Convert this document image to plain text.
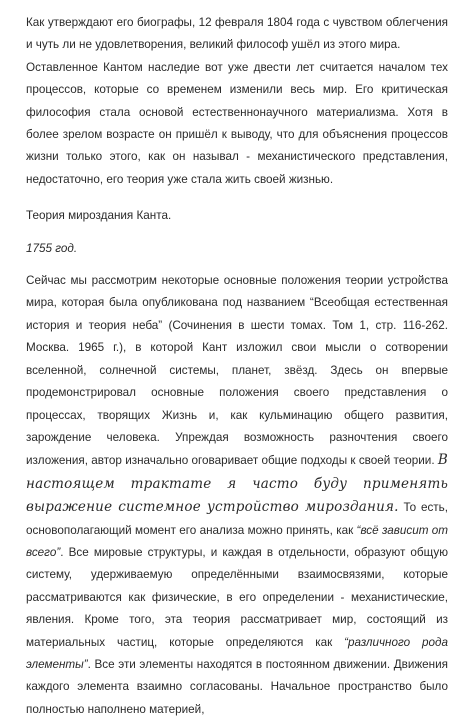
Как утверждают его биографы, 12 февраля 1804 года с чувством облегчения и чуть ли не удовлетворения, великий философ ушёл из этого мира.

Оставленное Кантом наследие вот уже двести лет считается началом тех процессов, которые со временем изменили весь мир. Его критическая философия стала основой естественнонаучного материализма. Хотя в более зрелом возрасте он пришёл к выводу, что для объяснения процессов жизни только этого, как он называл - механистического представления, недостаточно, его теория уже стала жить своей жизнью.

Теория мироздания Канта.

1755 год.

Сейчас мы рассмотрим некоторые основные положения теории устройства мира, которая была опубликована под названием “Всеобщая естественная история и теория неба” (Сочинения в шести томах. Том 1, стр. 116-262. Москва. 1965 г.), в которой Кант изложил свои мысли о сотворении вселенной, солнечной системы, планет, звёзд. Здесь он впервые продемонстрировал основные положения своего представления о процессах, творящих Жизнь и, как кульминацию общего развития, зарождение человека. Упреждая возможность разночтения своего изложения, автор изначально оговаривает общие подходы к своей теории. В настоящем трактате я часто буду применять выражение системное устройство мироздания. То есть, основополагающий момент его анализа можно принять, как “всё зависит от всего”. Все мировые структуры, и каждая в отдельности, образуют общую систему, удерживаемую определёнными взаимосвязями, которые рассматриваются как физические, в его определении - механистические, явления. Кроме того, эта теория рассматривает мир, состоящий из материальных частиц, которые определяются как “различного рода элементы”. Все эти элементы находятся в постоянном движении. Движения каждого элемента взаимно согласованы. Начальное пространство было полностью наполнено материей,
